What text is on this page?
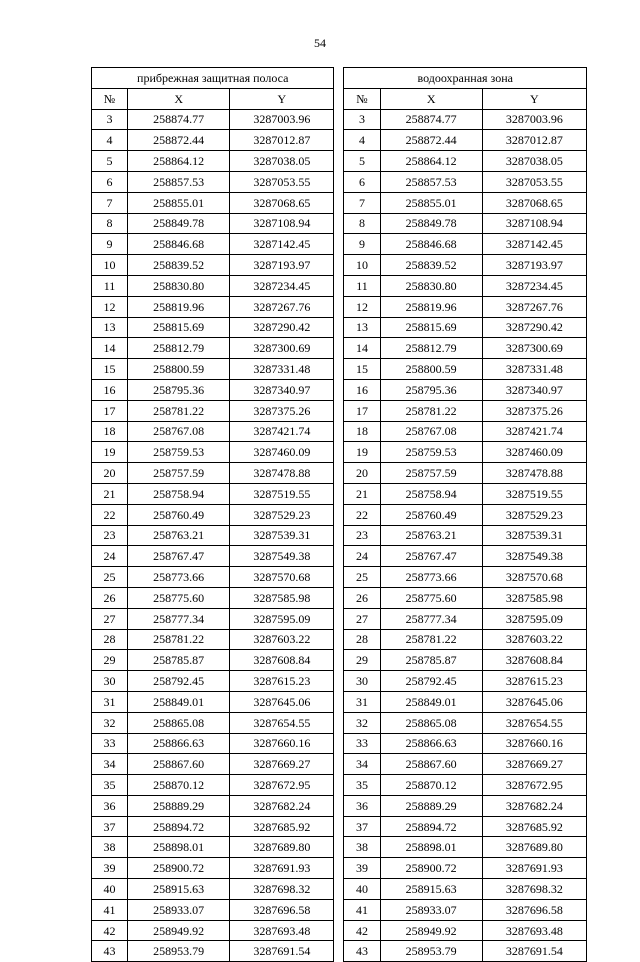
54
прибрежная защитная полоса				водоохранная зона		
№	X	Y		№	X	Y
3	258874.77	3287003.96		3	258874.77	3287003.96
4	258872.44	3287012.87		4	258872.44	3287012.87
5	258864.12	3287038.05		5	258864.12	3287038.05
6	258857.53	3287053.55		6	258857.53	3287053.55
7	258855.01	3287068.65		7	258855.01	3287068.65
8	258849.78	3287108.94		8	258849.78	3287108.94
9	258846.68	3287142.45		9	258846.68	3287142.45
10	258839.52	3287193.97		10	258839.52	3287193.97
11	258830.80	3287234.45		11	258830.80	3287234.45
12	258819.96	3287267.76		12	258819.96	3287267.76
13	258815.69	3287290.42		13	258815.69	3287290.42
14	258812.79	3287300.69		14	258812.79	3287300.69
15	258800.59	3287331.48		15	258800.59	3287331.48
16	258795.36	3287340.97		16	258795.36	3287340.97
17	258781.22	3287375.26		17	258781.22	3287375.26
18	258767.08	3287421.74		18	258767.08	3287421.74
19	258759.53	3287460.09		19	258759.53	3287460.09
20	258757.59	3287478.88		20	258757.59	3287478.88
21	258758.94	3287519.55		21	258758.94	3287519.55
22	258760.49	3287529.23		22	258760.49	3287529.23
23	258763.21	3287539.31		23	258763.21	3287539.31
24	258767.47	3287549.38		24	258767.47	3287549.38
25	258773.66	3287570.68		25	258773.66	3287570.68
26	258775.60	3287585.98		26	258775.60	3287585.98
27	258777.34	3287595.09		27	258777.34	3287595.09
28	258781.22	3287603.22		28	258781.22	3287603.22
29	258785.87	3287608.84		29	258785.87	3287608.84
30	258792.45	3287615.23		30	258792.45	3287615.23
31	258849.01	3287645.06		31	258849.01	3287645.06
32	258865.08	3287654.55		32	258865.08	3287654.55
33	258866.63	3287660.16		33	258866.63	3287660.16
34	258867.60	3287669.27		34	258867.60	3287669.27
35	258870.12	3287672.95		35	258870.12	3287672.95
36	258889.29	3287682.24		36	258889.29	3287682.24
37	258894.72	3287685.92		37	258894.72	3287685.92
38	258898.01	3287689.80		38	258898.01	3287689.80
39	258900.72	3287691.93		39	258900.72	3287691.93
40	258915.63	3287698.32		40	258915.63	3287698.32
41	258933.07	3287696.58		41	258933.07	3287696.58
42	258949.92	3287693.48		42	258949.92	3287693.48
43	258953.79	3287691.54		43	258953.79	3287691.54
